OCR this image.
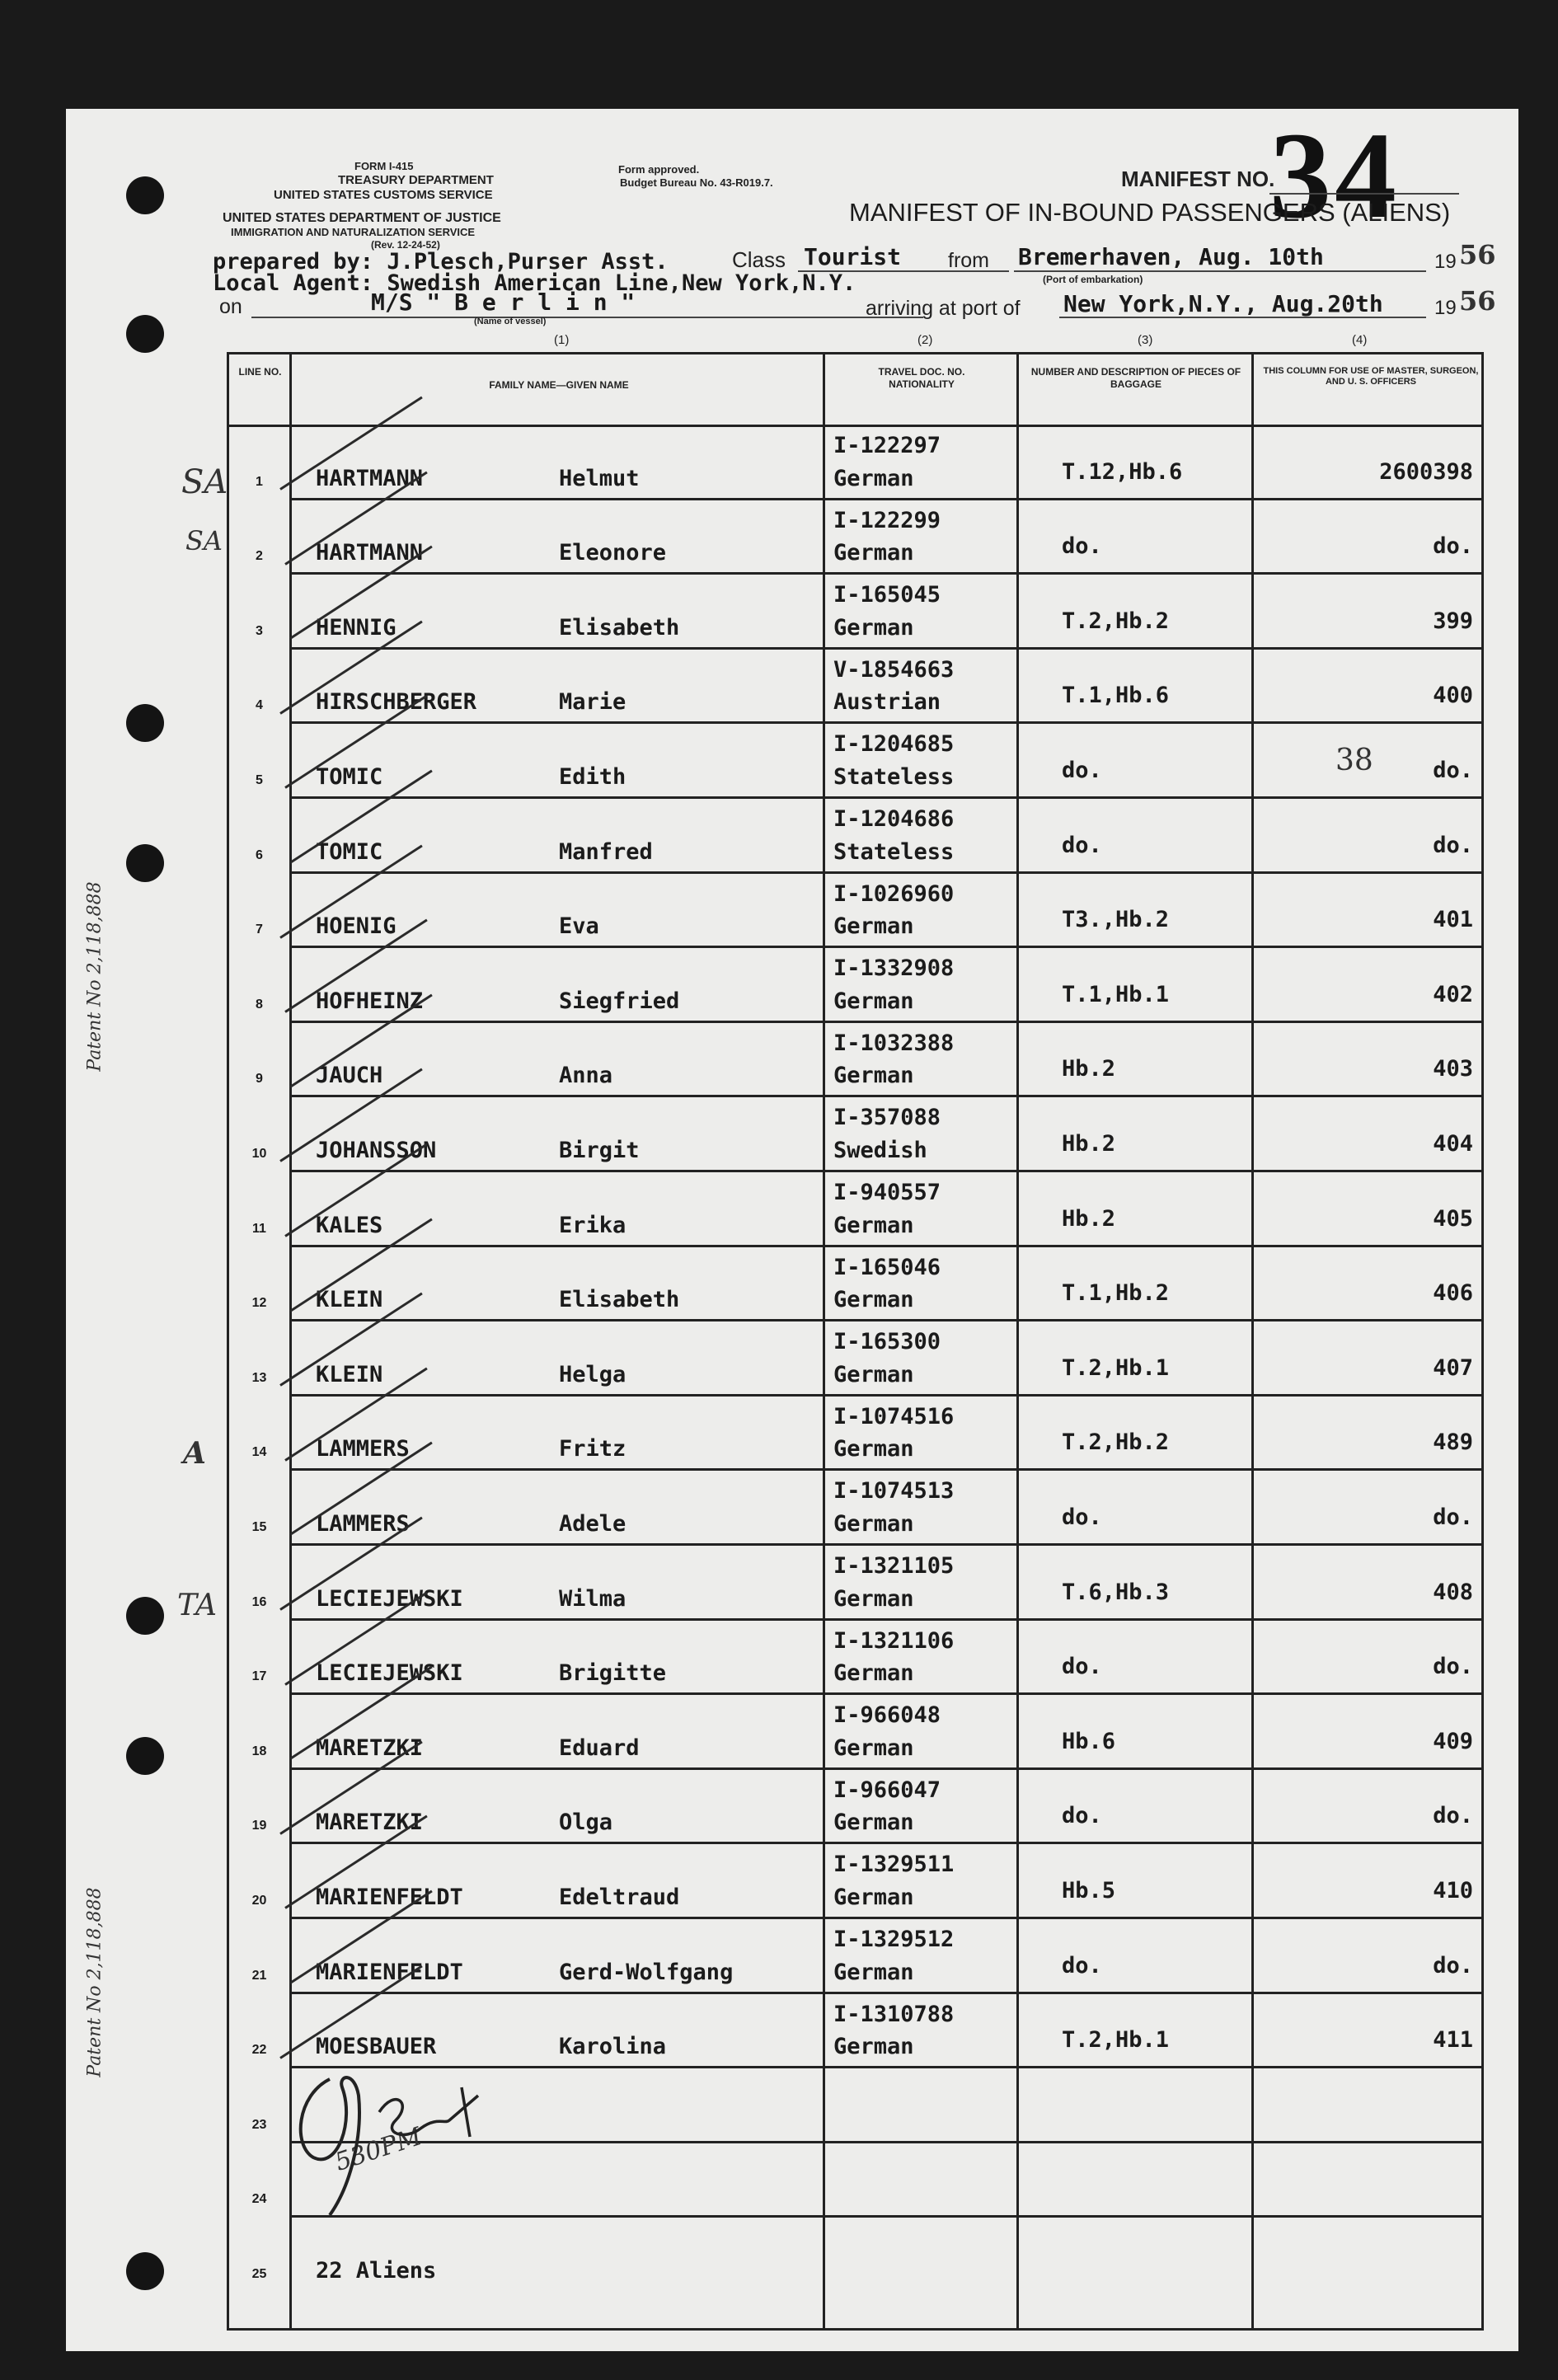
Patent No 2,118,888
Patent No 2,118,888
FORM I-415
TREASURY DEPARTMENT
UNITED STATES CUSTOMS SERVICE
UNITED STATES DEPARTMENT OF JUSTICE
IMMIGRATION AND NATURALIZATION SERVICE
(Rev. 12-24-52)
Form approved.
Budget Bureau No. 43-R019.7.	MANIFEST NO.
34
MANIFEST OF IN-BOUND PASSENGERS (ALIENS)
prepared by: J.Plesch,Purser Asst.
Local Agent: Swedish American Line,New York,N.Y.
Class Tourist from Bremerhaven, Aug. 10th
(Port of embarkation)
19 56
on	M/S " B e r l i n "
(Name of vessel)
arriving at port of New York,N.Y., Aug.20th	19 56
(1)	(2)	(3)	(4)
LINE NO.
FAMILY NAME—GIVEN NAME
TRAVEL DOC. NO. NATIONALITY
NUMBER AND DESCRIPTION OF PIECES OF BAGGAGE
THIS COLUMN FOR USE OF MASTER, SURGEON, AND U. S. OFFICERS
1	HARTMANN	Helmut
I-122297
German	T.12,Hb.6	2600398
2	HARTMANN	Eleonore
I-122299
German	do.	do.
3	HENNIG	Elisabeth
I-165045
German	T.2,Hb.2	399
4	HIRSCHBERGER	Marie
V-1854663
Austrian	T.1,Hb.6	400
5	TOMIC	Edith
I-1204685
Stateless	do.	do.
6	TOMIC	Manfred
I-1204686
Stateless	do.	do.
7	HOENIG	Eva
I-1026960
German	T3.,Hb.2	401
8	HOFHEINZ	Siegfried
I-1332908
German	T.1,Hb.1	402
9	JAUCH	Anna
I-1032388
German	Hb.2	403
10	JOHANSSON	Birgit
I-357088
Swedish	Hb.2	404
11	KALES	Erika
I-940557
German	Hb.2	405
12	KLEIN	Elisabeth
I-165046
German	T.1,Hb.2	406
13	KLEIN	Helga
I-165300
German	T.2,Hb.1	407
14	LAMMERS	Fritz
I-1074516
German	T.2,Hb.2	489
15	LAMMERS	Adele
I-1074513
German	do.	do.
16	LECIEJEWSKI	Wilma
I-1321105
German	T.6,Hb.3	408
17	LECIEJEWSKI	Brigitte
I-1321106
German	do.	do.
18	MARETZKI	Eduard
I-966048
German	Hb.6	409
19	MARETZKI	Olga
I-966047
German	do.	do.
20	MARIENFELDT	Edeltraud
I-1329511
German	Hb.5	410
21	MARIENFELDT	Gerd-Wolfgang
I-1329512
German	do.	do.
22	MOESBAUER	Karolina
I-1310788
German	T.2,Hb.1	411
23
24
25	22 Aliens
SA
SA
A
TA
38
530PM
